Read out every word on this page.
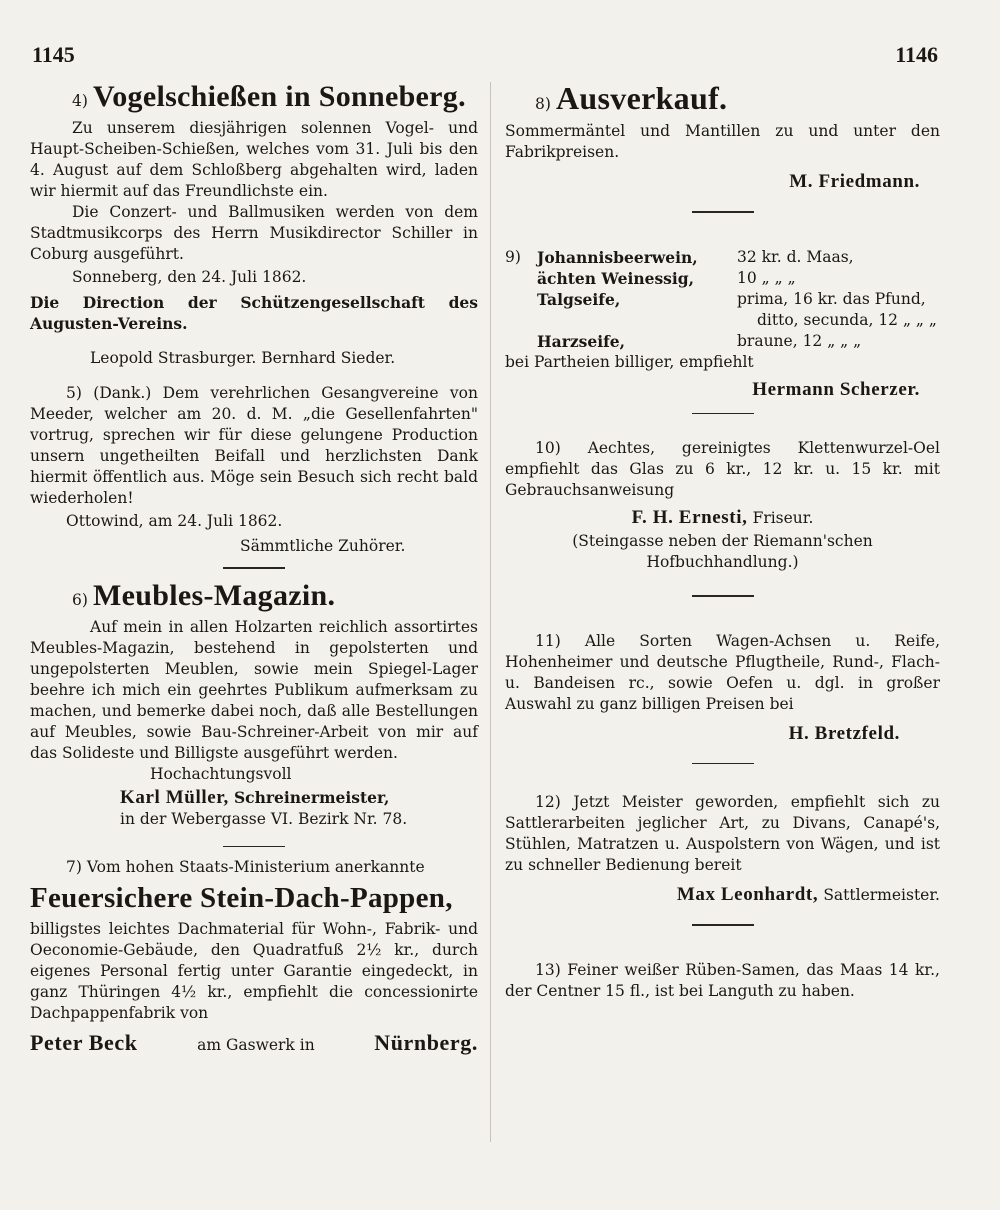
1145	1146

4) Vogelschießen in Sonneberg.

Zu unserem diesjährigen solennen Vogel- und Haupt-Scheiben-Schießen, welches vom 31. Juli bis den 4. August auf dem Schloßberg abgehalten wird, laden wir hiermit auf das Freundlichste ein.

Die Conzert- und Ballmusiken werden von dem Stadtmusikcorps des Herrn Musikdirector Schiller in Coburg ausgeführt.

Sonneberg, den 24. Juli 1862.

Die Direction der Schützengesellschaft des Augusten-Vereins.

Leopold Strasburger. Bernhard Sieder.

5) (Dank.) Dem verehrlichen Gesangvereine von Meeder, welcher am 20. d. M. „die Gesellenfahrten" vortrug, sprechen wir für diese gelungene Production unsern ungetheilten Beifall und herzlichsten Dank hiermit öffentlich aus. Möge sein Besuch sich recht bald wiederholen!

Ottowind, am 24. Juli 1862.

Sämmtliche Zuhörer.

6) Meubles-Magazin.

Auf mein in allen Holzarten reichlich assortirtes Meubles-Magazin, bestehend in gepolsterten und ungepolsterten Meublen, sowie mein Spiegel-Lager beehre ich mich ein geehrtes Publikum aufmerksam zu machen, und bemerke dabei noch, daß alle Bestellungen auf Meubles, sowie Bau-Schreiner-Arbeit von mir auf das Solideste und Billigste ausgeführt werden.

Hochachtungsvoll

Karl Müller, Schreinermeister,

in der Webergasse VI. Bezirk Nr. 78.

7) Vom hohen Staats-Ministerium anerkannte

Feuersichere Stein-Dach-Pappen,

billigstes leichtes Dachmaterial für Wohn-, Fabrik- und Oeconomie-Gebäude, den Quadratfuß 2½ kr., durch eigenes Personal fertig unter Garantie eingedeckt, in ganz Thüringen 4½ kr., empfiehlt die concessionirte Dachpappenfabrik von

Peter Beck	am Gaswerk in	Nürnberg.

8) Ausverkauf.

Sommermäntel und Mantillen zu und unter den Fabrikpreisen.

M. Friedmann.

9)	Johannisbeerwein,	32 kr. d. Maas,
ächten Weinessig,	10 „ „ „
Talgseife,	prima, 16 kr. das Pfund,
ditto, secunda, 12 „ „ „
Harzseife,	braune, 12 „ „ „

bei Partheien billiger, empfiehlt

Hermann Scherzer.

10) Aechtes, gereinigtes Klettenwurzel-Oel empfiehlt das Glas zu 6 kr., 12 kr. u. 15 kr. mit Gebrauchsanweisung

F. H. Ernesti, Friseur.

(Steingasse neben der Riemann'schen Hofbuchhandlung.)

11) Alle Sorten Wagen-Achsen u. Reife, Hohenheimer und deutsche Pflugtheile, Rund-, Flach- u. Bandeisen rc., sowie Oefen u. dgl. in großer Auswahl zu ganz billigen Preisen bei

H. Bretzfeld.

12) Jetzt Meister geworden, empfiehlt sich zu Sattlerarbeiten jeglicher Art, zu Divans, Canapé's, Stühlen, Matratzen u. Auspolstern von Wägen, und ist zu schneller Bedienung bereit

Max Leonhardt, Sattlermeister.

13) Feiner weißer Rüben-Samen, das Maas 14 kr., der Centner 15 fl., ist bei Languth zu haben.
